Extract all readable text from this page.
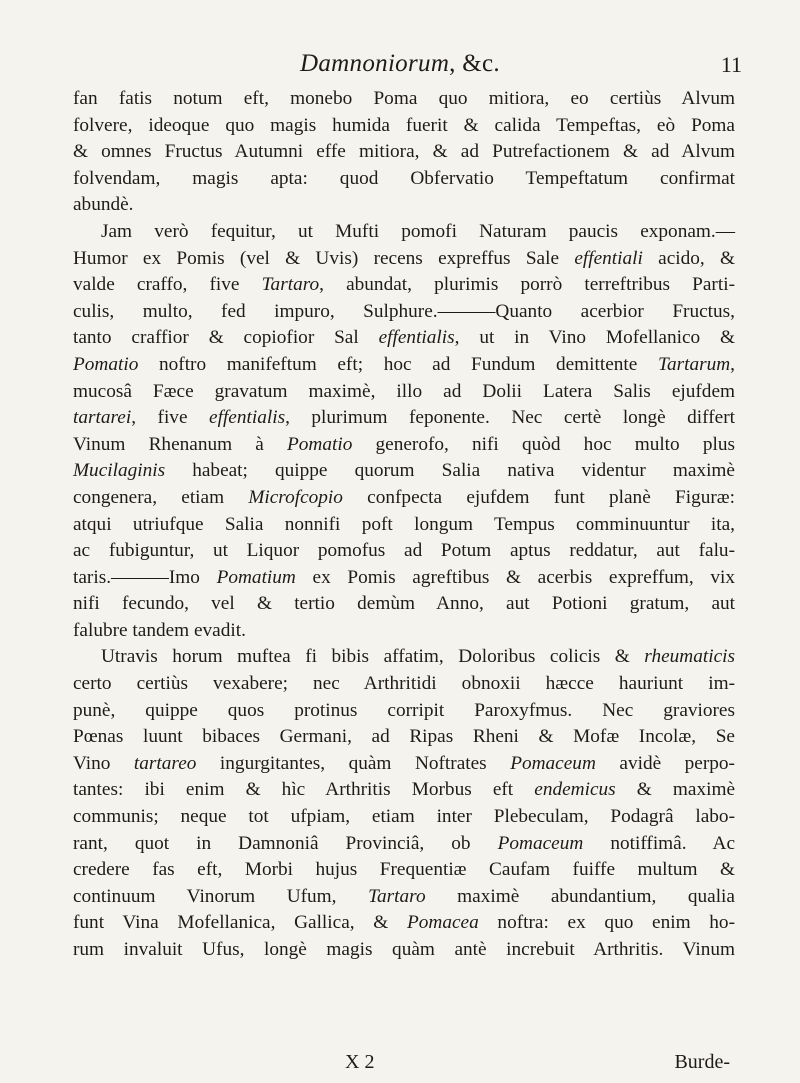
Damnoniorum, &c.	11
fan fatis notum eft, monebo Poma quo mitiora, eo certiùs Alvum
folvere, ideoque quo magis humida fuerit & calida Tempeftas, eò Poma
& omnes Fructus Autumni effe mitiora, & ad Putrefactionem & ad Alvum
folvendam, magis apta: quod Obfervatio Tempeftatum confirmat
abundè.
Jam verò fequitur, ut Mufti pomofi Naturam paucis exponam.—
Humor ex Pomis (vel & Uvis) recens expreffus Sale effentiali acido, &
valde craffo, five Tartaro, abundat, plurimis porrò terreftribus Parti-
culis, multo, fed impuro, Sulphure.———Quanto acerbior Fructus,
tanto craffior & copiofior Sal effentialis, ut in Vino Mofellanico &
Pomatio noftro manifeftum eft; hoc ad Fundum demittente Tartarum,
mucosâ Fæce gravatum maximè, illo ad Dolii Latera Salis ejufdem
tartarei, five effentialis, plurimum feponente. Nec certè longè differt
Vinum Rhenanum à Pomatio generofo, nifi quòd hoc multo plus
Mucilaginis habeat; quippe quorum Salia nativa videntur maximè
congenera, etiam Microfcopio confpecta ejufdem funt planè Figuræ:
atqui utriufque Salia nonnifi poft longum Tempus comminuuntur ita,
ac fubiguntur, ut Liquor pomofus ad Potum aptus reddatur, aut falu-
taris.———Imo Pomatium ex Pomis agreftibus & acerbis expreffum, vix
nifi fecundo, vel & tertio demùm Anno, aut Potioni gratum, aut
falubre tandem evadit.
Utravis horum muftea fi bibis affatim, Doloribus colicis & rheumaticis
certo certiùs vexabere; nec Arthritidi obnoxii hæcce hauriunt im-
punè, quippe quos protinus corripit Paroxyfmus. Nec graviores
Pœnas luunt bibaces Germani, ad Ripas Rheni & Mofæ Incolæ, Se
Vino tartareo ingurgitantes, quàm Noftrates Pomaceum avidè perpo-
tantes: ibi enim & hìc Arthritis Morbus eft endemicus & maximè
communis; neque tot ufpiam, etiam inter Plebeculam, Podagrâ labo-
rant, quot in Damnoniâ Provinciâ, ob Pomaceum notiffimâ. Ac
credere fas eft, Morbi hujus Frequentiæ Caufam fuiffe multum &
continuum Vinorum Ufum, Tartaro maximè abundantium, qualia
funt Vina Mofellanica, Gallica, & Pomacea noftra: ex quo enim ho-
rum invaluit Ufus, longè magis quàm antè increbuit Arthritis. Vinum
X 2	Burde-
